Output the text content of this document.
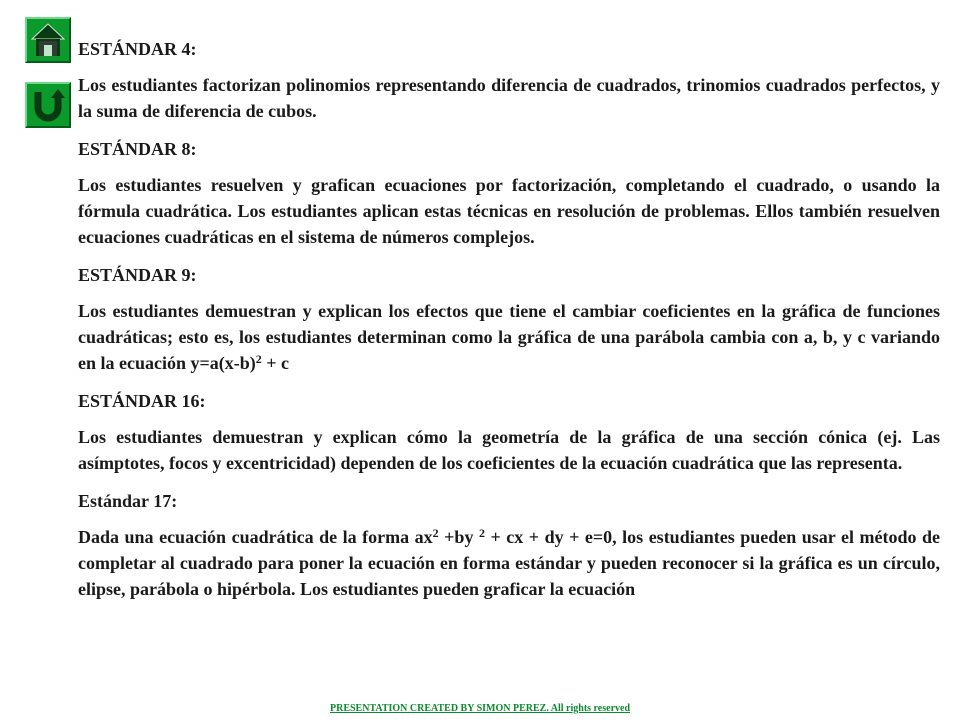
ESTÁNDAR 4:

Los estudiantes factorizan polinomios representando diferencia de cuadrados, trinomios cuadrados perfectos, y la suma de diferencia de cubos.

ESTÁNDAR 8:

Los estudiantes resuelven y grafican ecuaciones por factorización, completando el cuadrado, o usando la fórmula cuadrática. Los estudiantes aplican estas técnicas en resolución de problemas. Ellos también resuelven ecuaciones cuadráticas en el sistema de números complejos.

ESTÁNDAR 9:

Los estudiantes demuestran y explican los efectos que tiene el cambiar coeficientes en la gráfica de funciones cuadráticas; esto es, los estudiantes determinan como la gráfica de una parábola cambia con a, b, y c variando en la ecuación $y=a(x-b)^2 + c$

ESTÁNDAR 16:

Los estudiantes demuestran y explican cómo la geometría de la gráfica de una sección cónica (ej. Las asímptotes, focos y excentricidad) dependen de los coeficientes de la ecuación cuadrática que las representa.

Estándar 17:

Dada una ecuación cuadrática de la forma $ax^2 +by$ $^2$ + cx + dy + e=0, los estudiantes pueden usar el método de completar al cuadrado para poner la ecuación en forma estándar y pueden reconocer si la gráfica es un círculo, elipse, parábola o hipérbola. Los estudiantes pueden graficar la ecuación

PRESENTATION CREATED BY SIMON PEREZ. All rights reserved
